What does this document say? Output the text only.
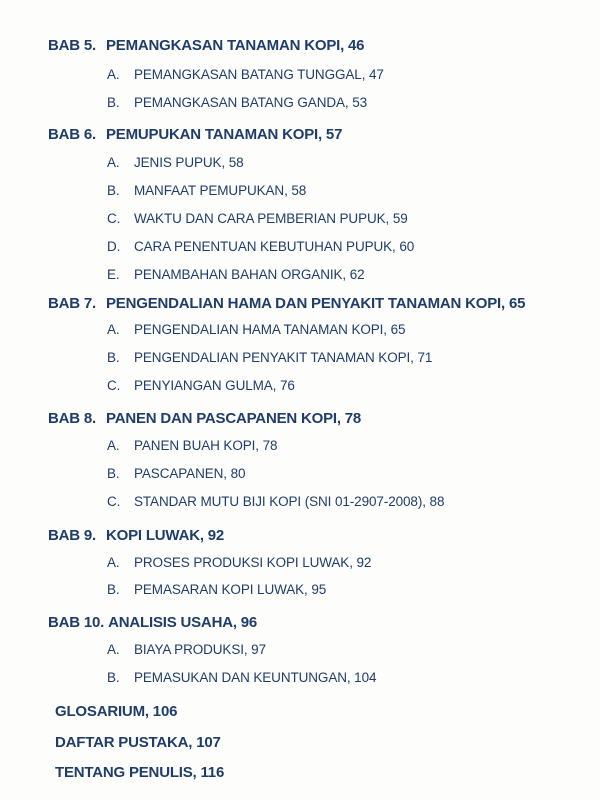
BAB 5. PEMANGKASAN TANAMAN KOPI, 46
A. PEMANGKASAN BATANG TUNGGAL, 47
B. PEMANGKASAN BATANG GANDA, 53
BAB 6. PEMUPUKAN TANAMAN KOPI, 57
A. JENIS PUPUK, 58
B. MANFAAT PEMUPUKAN, 58
C. WAKTU DAN CARA PEMBERIAN PUPUK, 59
D. CARA PENENTUAN KEBUTUHAN PUPUK, 60
E. PENAMBAHAN BAHAN ORGANIK, 62
BAB 7. PENGENDALIAN HAMA DAN PENYAKIT TANAMAN KOPI, 65
A. PENGENDALIAN HAMA TANAMAN KOPI, 65
B. PENGENDALIAN PENYAKIT TANAMAN KOPI, 71
C. PENYIANGAN GULMA, 76
BAB 8. PANEN DAN PASCAPANEN KOPI, 78
A. PANEN BUAH KOPI, 78
B. PASCAPANEN, 80
C. STANDAR MUTU BIJI KOPI (SNI 01-2907-2008), 88
BAB 9. KOPI LUWAK, 92
A. PROSES PRODUKSI KOPI LUWAK, 92
B. PEMASARAN KOPI LUWAK, 95
BAB 10. ANALISIS USAHA, 96
A. BIAYA PRODUKSI, 97
B. PEMASUKAN DAN KEUNTUNGAN, 104
GLOSARIUM, 106
DAFTAR PUSTAKA, 107
TENTANG PENULIS, 116
